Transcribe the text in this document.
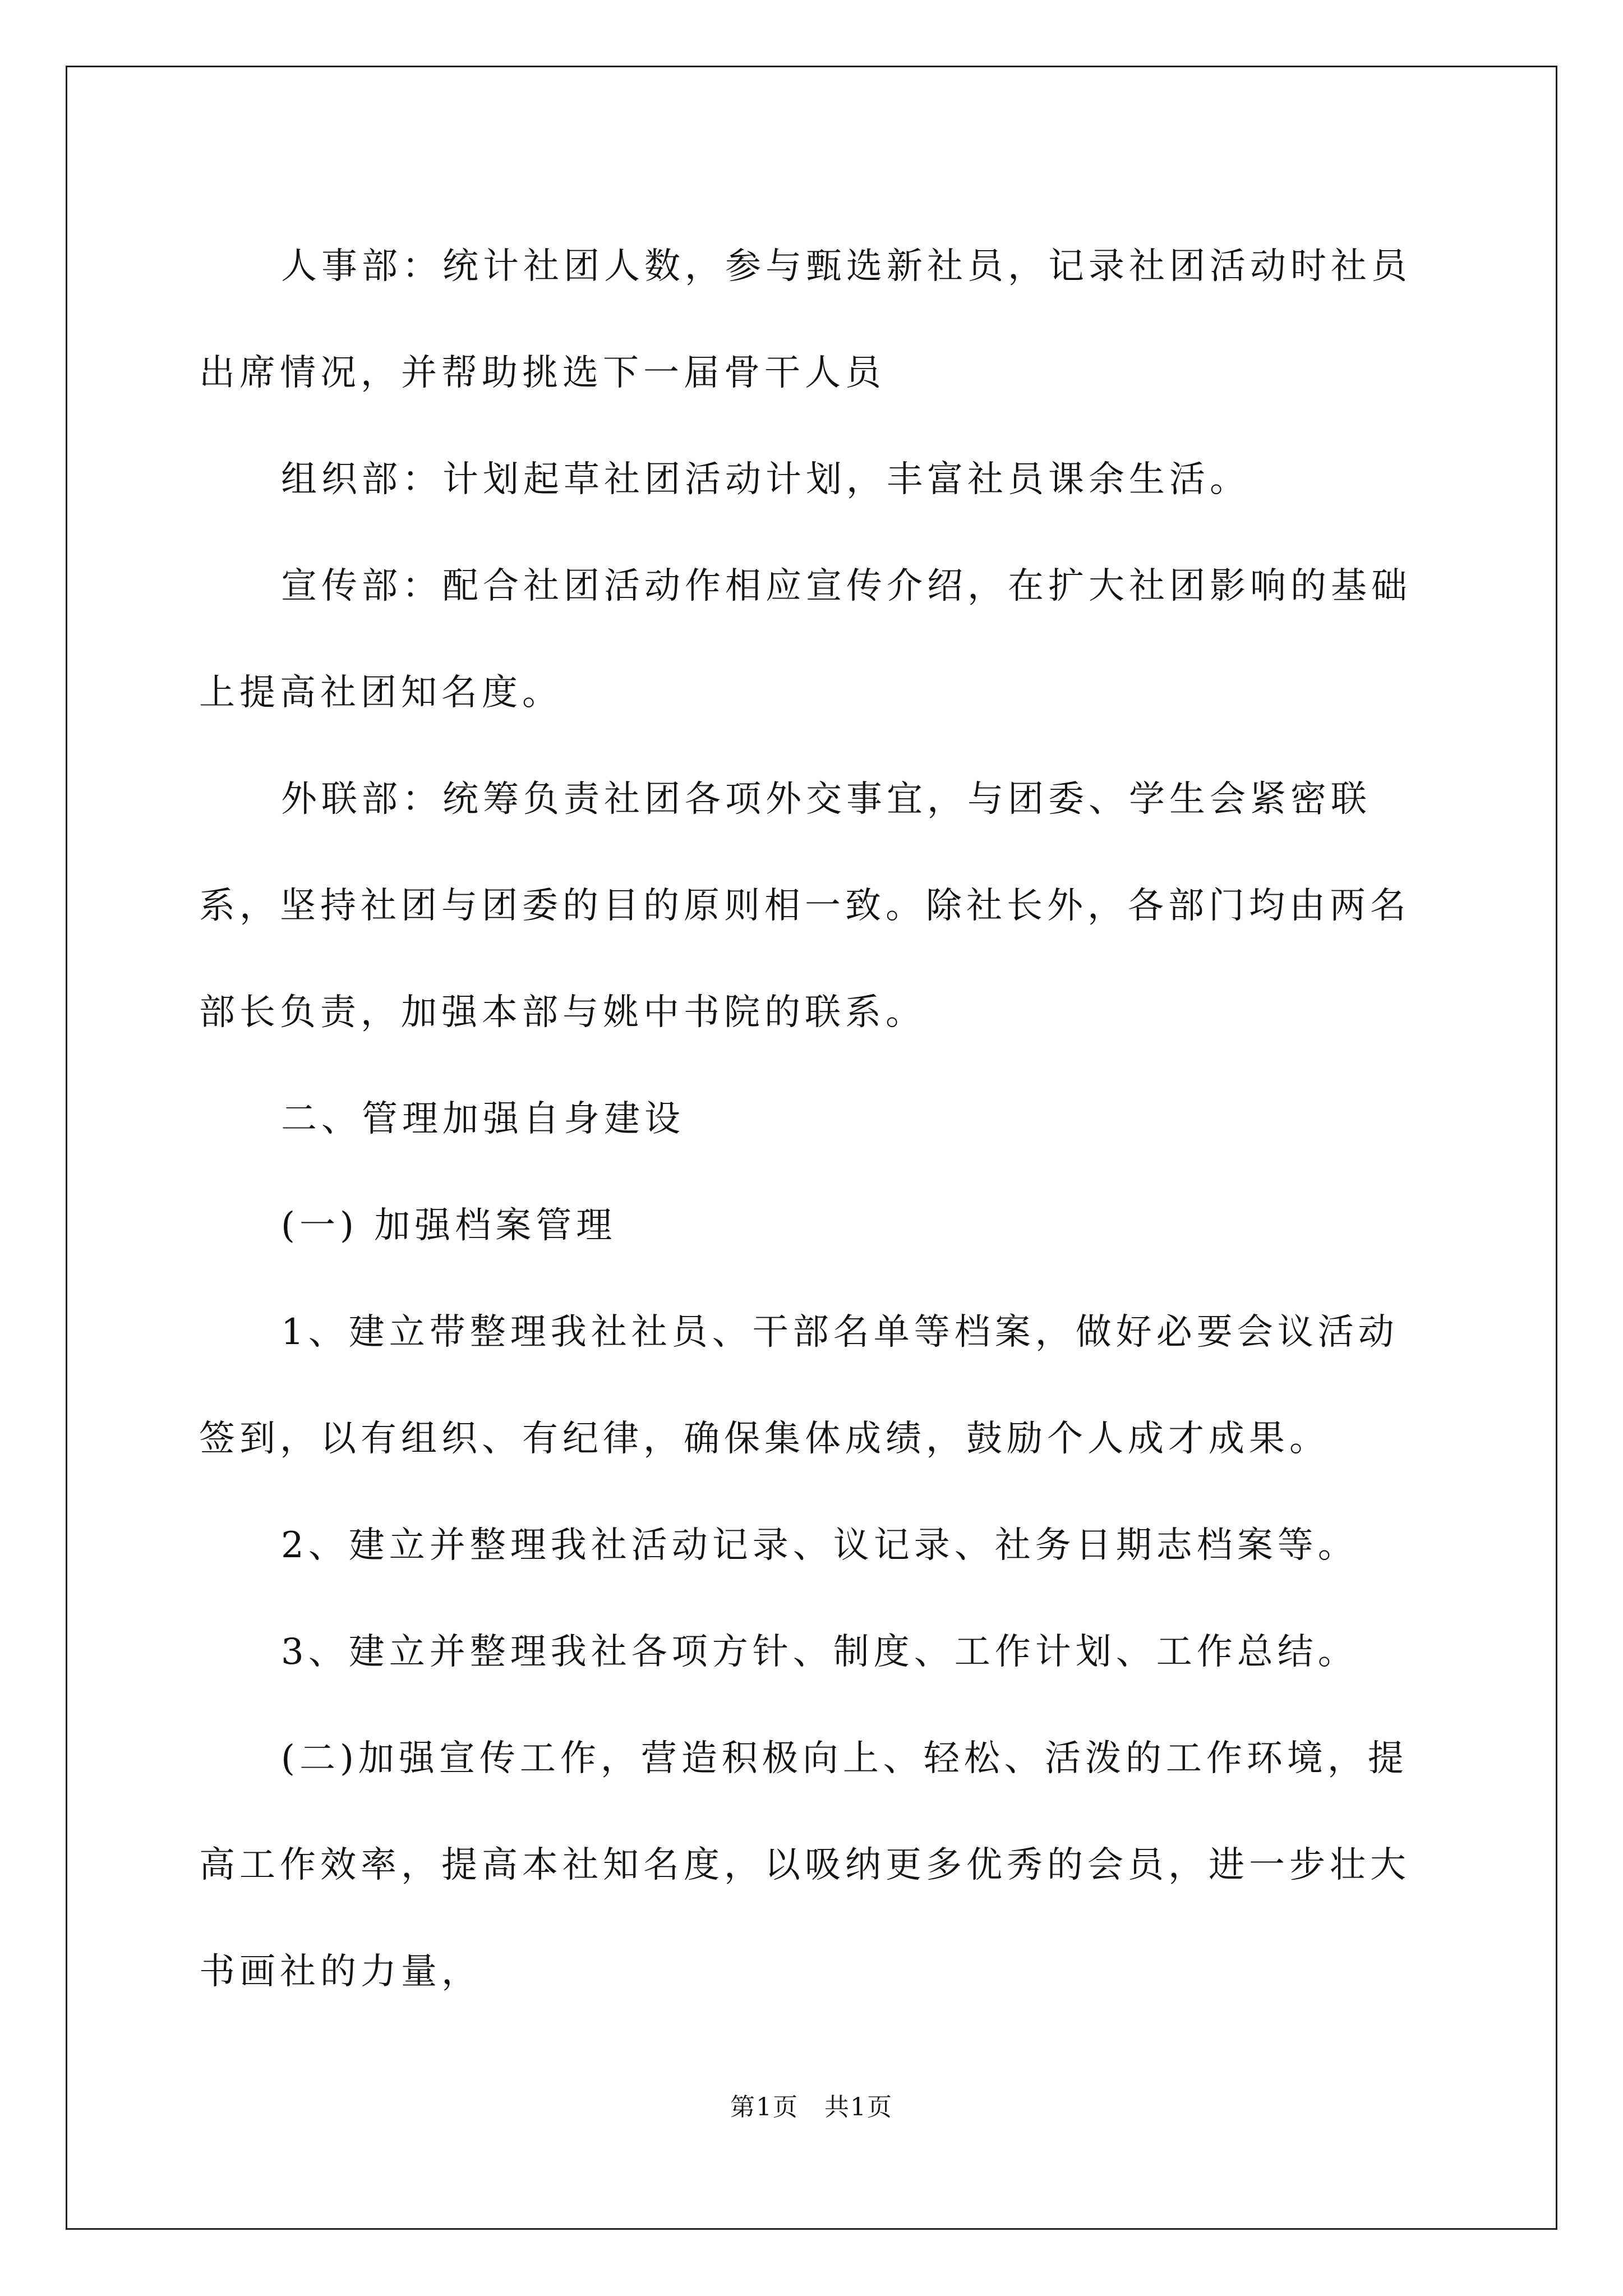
人事部：统计社团人数，参与甄选新社员，记录社团活动时社员出席情况，并帮助挑选下一届骨干人员

组织部：计划起草社团活动计划，丰富社员课余生活。

宣传部：配合社团活动作相应宣传介绍，在扩大社团影响的基础上提高社团知名度。

外联部：统筹负责社团各项外交事宜，与团委、学生会紧密联系，坚持社团与团委的目的原则相一致。除社长外，各部门均由两名部长负责，加强本部与姚中书院的联系。

二、管理加强自身建设

(一) 加强档案管理

1、建立带整理我社社员、干部名单等档案，做好必要会议活动签到，以有组织、有纪律，确保集体成绩，鼓励个人成才成果。

2、建立并整理我社活动记录、议记录、社务日期志档案等。

3、建立并整理我社各项方针、制度、工作计划、工作总结。

(二)加强宣传工作，营造积极向上、轻松、活泼的工作环境，提高工作效率，提高本社知名度，以吸纳更多优秀的会员，进一步壮大书画社的力量，

第1页 共1页
